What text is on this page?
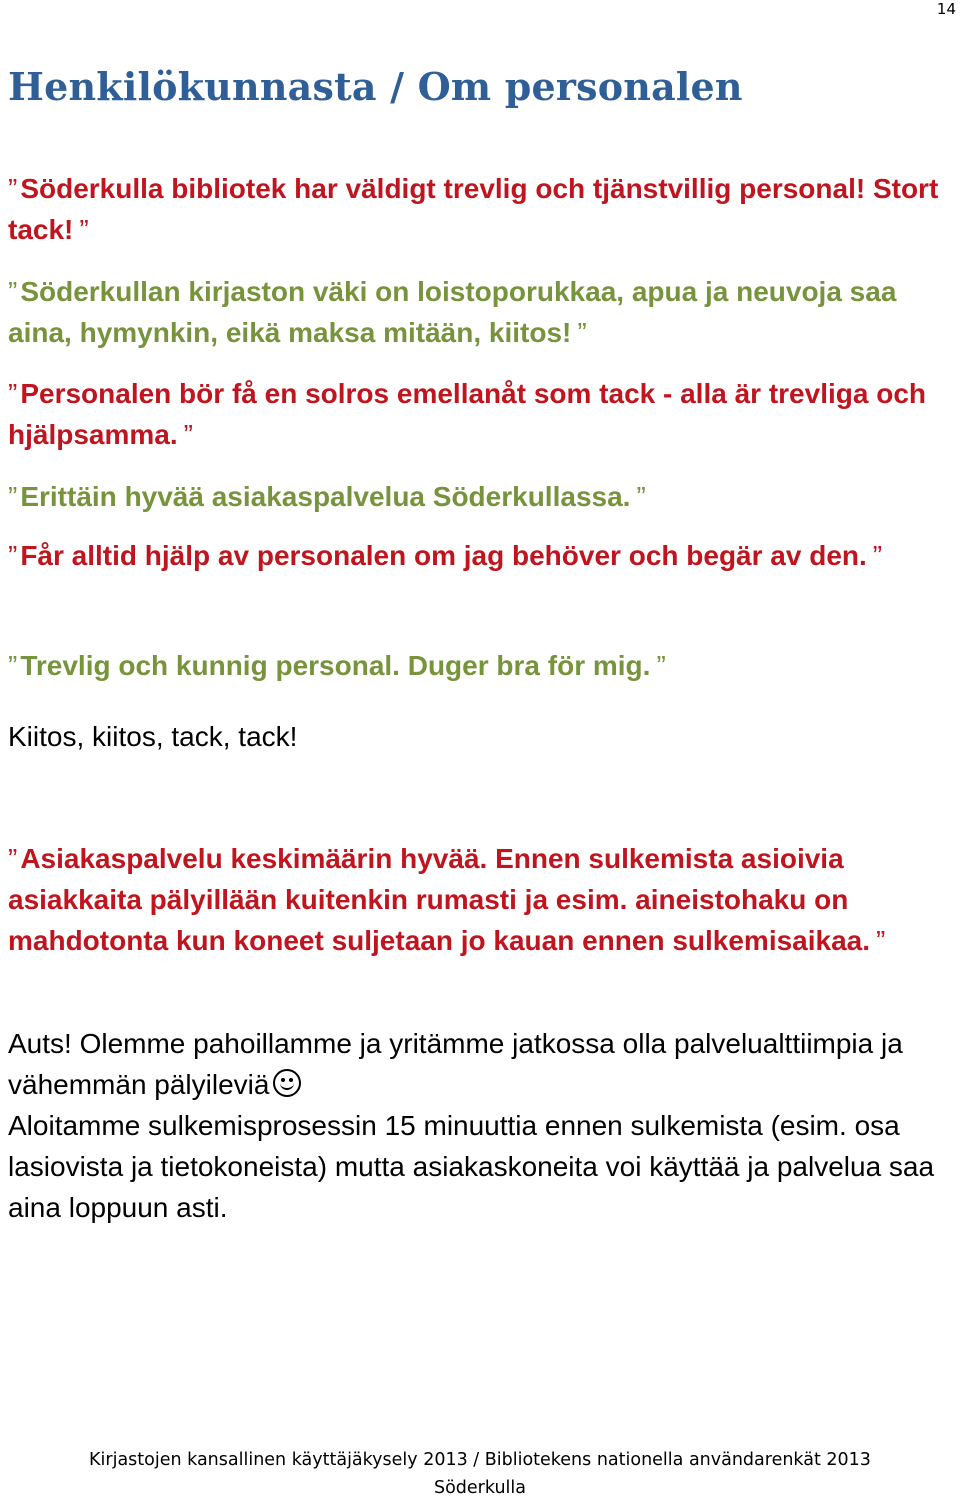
14
Henkilökunnasta / Om personalen

” Söderkulla bibliotek har väldigt trevlig och tjänstvillig personal! Stort tack! ”

” Söderkullan kirjaston väki on loistoporukkaa, apua ja neuvoja saa aina, hymynkin, eikä maksa mitään, kiitos! ”

” Personalen bör få en solros emellanåt som tack - alla är trevliga och hjälpsamma. ”

” Erittäin hyvää asiakaspalvelua Söderkullassa. ”

” Får alltid hjälp av personalen om jag behöver och begär av den. ”

” Trevlig och kunnig personal. Duger bra för mig. ”

Kiitos, kiitos, tack, tack!

” Asiakaspalvelu keskimäärin hyvää. Ennen sulkemista asioivia asiakkaita pälyillään kuitenkin rumasti ja esim. aineistohaku on mahdotonta kun koneet suljetaan jo kauan ennen sulkemisaikaa. ”

Auts! Olemme pahoillamme ja yritämme jatkossa olla palvelualttiimpia ja vähemmän pälyileviä

Aloitamme sulkemisprosessin 15 minuuttia ennen sulkemista (esim. osa lasiovista ja tietokoneista) mutta asiakaskoneita voi käyttää ja palvelua saa aina loppuun asti.
Kirjastojen kansallinen käyttäjäkysely 2013 / Bibliotekens nationella användarenkät 2013
Söderkulla
